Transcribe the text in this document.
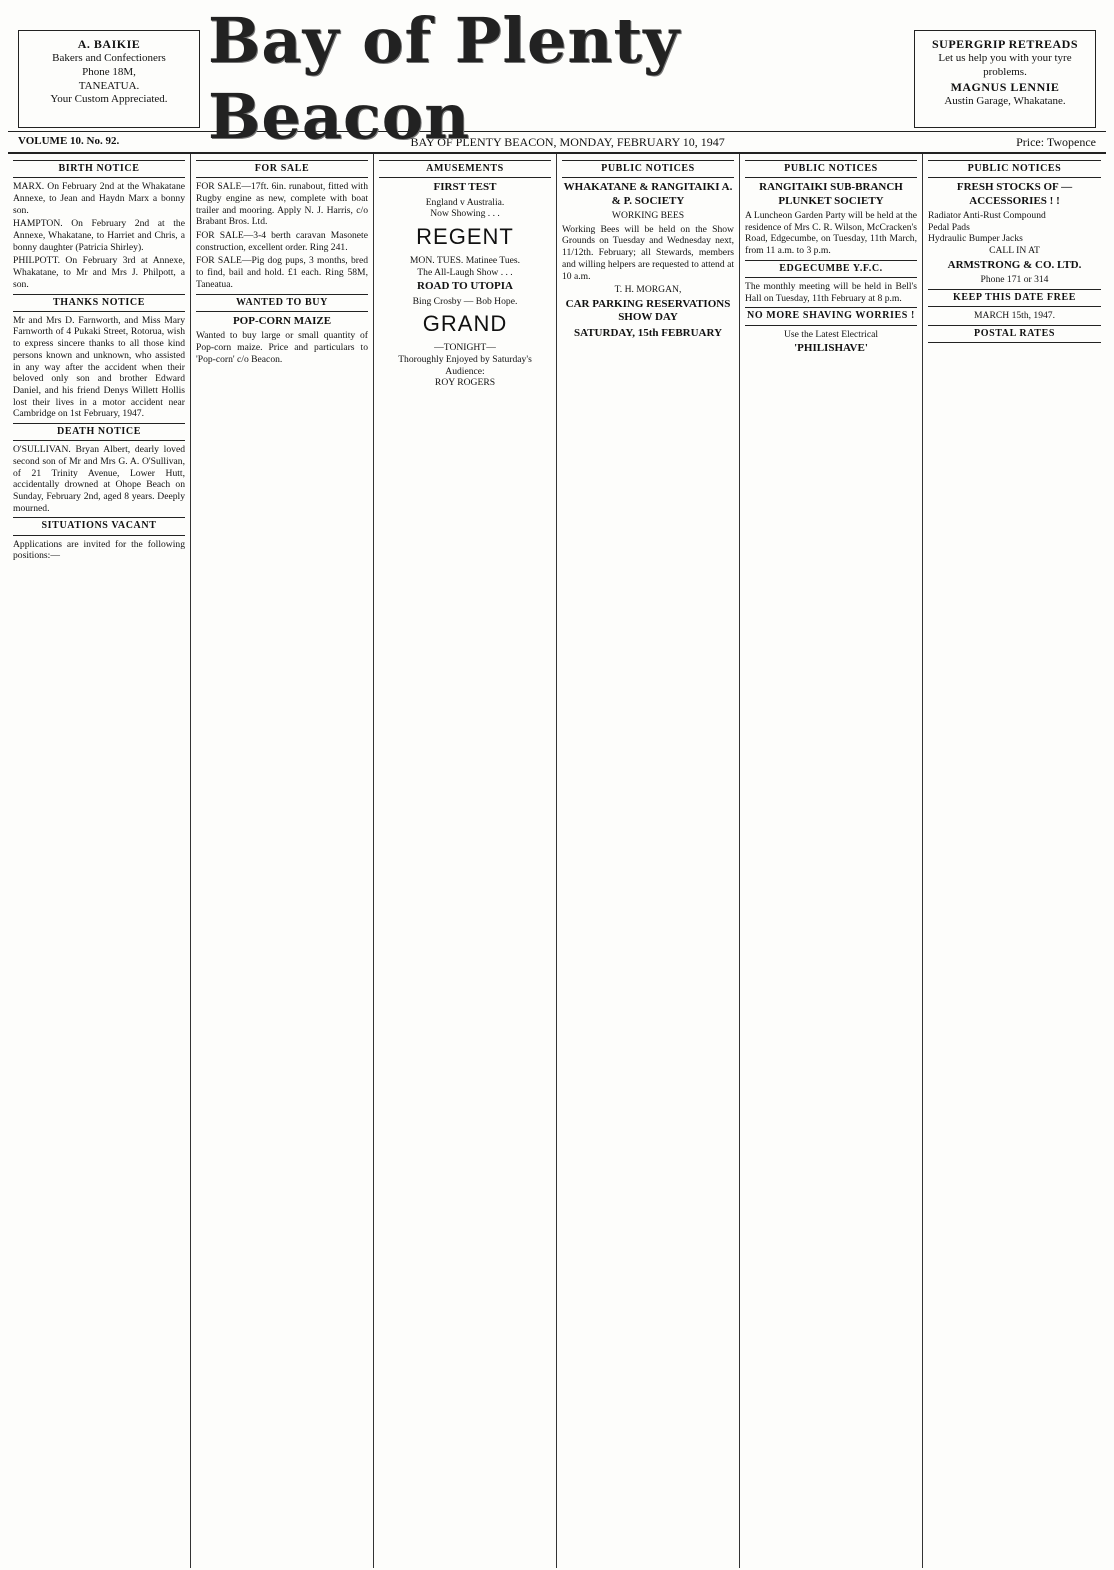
A. BAIKIE
Bakers and Confectioners
Phone 18M,
TANEATUA.
Your Custom Appreciated.
Bay of Plenty Beacon
SUPERGRIP RETREADS
Let us help you with your tyre problems.
MAGNUS LENNIE
Austin Garage, Whakatane.
VOLUME 10. No. 92.	BAY OF PLENTY BEACON, MONDAY, FEBRUARY 10, 1947	Price: Twopence
BIRTH NOTICE

MARX. On February 2nd at the Whakatane Annexe, to Jean and Haydn Marx a bonny son.

HAMPTON. On February 2nd at the Annexe, Whakatane, to Harriet and Chris, a bonny daughter (Patricia Shirley).

PHILPOTT. On February 3rd at Annexe, Whakatane, to Mr and Mrs J. Philpott, a son.

THANKS NOTICE

Mr and Mrs D. Farnworth, and Miss Mary Farnworth of 4 Pukaki Street, Rotorua, wish to express sincere thanks to all those kind persons known and unknown, who assisted in any way after the accident when their beloved only son and brother Edward Daniel, and his friend Denys Willett Hollis lost their lives in a motor accident near Cambridge on 1st February, 1947.

DEATH NOTICE

O'SULLIVAN. Bryan Albert, dearly loved second son of Mr and Mrs G. A. O'Sullivan, of 21 Trinity Avenue, Lower Hutt, accidentally drowned at Ohope Beach on Sunday, February 2nd, aged 8 years. Deeply mourned.

SITUATIONS VACANT

Applications are invited for the following positions:—

FOR SALE

FOR SALE—17ft. 6in. runabout, fitted with Rugby engine as new, complete with boat trailer and mooring. Apply N. J. Harris, c/o Brabant Bros. Ltd.

FOR SALE—3-4 berth caravan Masonete construction, excellent order. Ring 241.

FOR SALE—Pig dog pups, 3 months, bred to find, bail and hold. £1 each. Ring 58M, Taneatua.

WANTED TO BUY
POP-CORN MAIZE

Wanted to buy large or small quantity of Pop-corn maize. Price and particulars to 'Pop-corn' c/o Beacon.

AMUSEMENTS
FIRST TEST
England v Australia.
Now Showing . . .
REGENT
MON. TUES. Matinee Tues.
The All-Laugh Show . . .
ROAD TO UTOPIA
Bing Crosby — Bob Hope.
GRAND
—TONIGHT—
Thoroughly Enjoyed by Saturday's Audience:
ROY ROGERS
PUBLIC NOTICES
WHAKATANE & RANGITAIKI A. & P. SOCIETY
WORKING BEES

Working Bees will be held on the Show Grounds on Tuesday and Wednesday next, 11/12th. February; all Stewards, members and willing helpers are requested to attend at 10 a.m.

T. H. MORGAN,
CAR PARKING RESERVATIONS SHOW DAY
SATURDAY, 15th FEBRUARY
PUBLIC NOTICES
RANGITAIKI SUB-BRANCH PLUNKET SOCIETY

A Luncheon Garden Party will be held at the residence of Mrs C. R. Wilson, McCracken's Road, Edgecumbe, on Tuesday, 11th March, from 11 a.m. to 3 p.m.

EDGECUMBE Y.F.C.

The monthly meeting will be held in Bell's Hall on Tuesday, 11th February at 8 p.m.

NO MORE SHAVING WORRIES !
Use the Latest Electrical
'PHILISHAVE'
PUBLIC NOTICES
FRESH STOCKS OF — ACCESSORIES ! !
Radiator Anti-Rust Compound
Pedal Pads
Hydraulic Bumper Jacks
CALL IN AT
ARMSTRONG & CO. LTD.
Phone 171 or 314
KEEP THIS DATE FREE
MARCH 15th, 1947.
POSTAL RATES
